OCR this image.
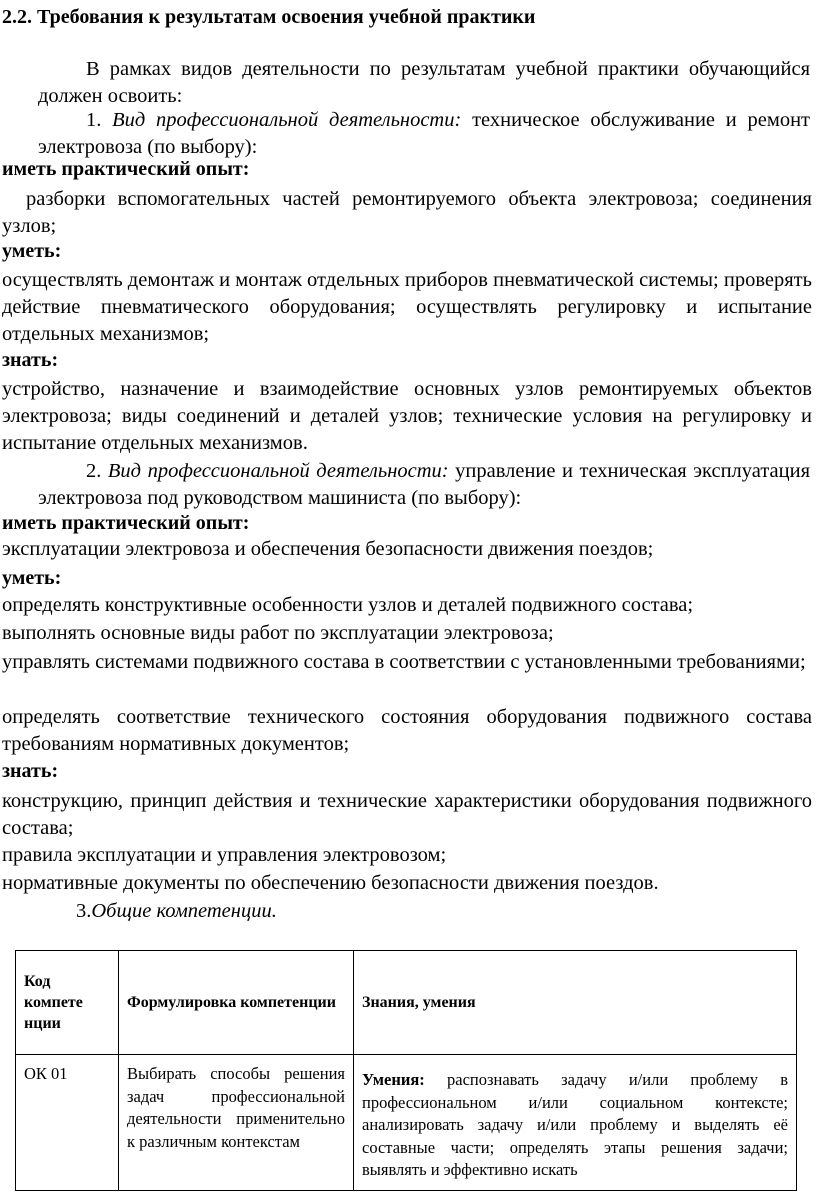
2.2. Требования к результатам освоения учебной практики
В рамках видов деятельности по результатам учебной практики обучающийся должен освоить:
1. Вид профессиональной деятельности: техническое обслуживание и ремонт электровоза (по выбору):
иметь практический опыт:
разборки вспомогательных частей ремонтируемого объекта электровоза; соединения узлов;
уметь:
осуществлять демонтаж и монтаж отдельных приборов пневматической системы; проверять действие пневматического оборудования; осуществлять регулировку и испытание отдельных механизмов;
знать:
устройство, назначение и взаимодействие основных узлов ремонтируемых объектов электровоза; виды соединений и деталей узлов; технические условия на регулировку и испытание отдельных механизмов.
2. Вид профессиональной деятельности: управление и техническая эксплуатация электровоза под руководством машиниста (по выбору):
иметь практический опыт:
эксплуатации электровоза и обеспечения безопасности движения поездов;
уметь:
определять конструктивные особенности узлов и деталей подвижного состава;
выполнять основные виды работ по эксплуатации электровоза;
управлять системами подвижного состава в соответствии с установленными требованиями;
определять соответствие технического состояния оборудования подвижного состава требованиям нормативных документов;
знать:
конструкцию, принцип действия и технические характеристики оборудования подвижного состава;
правила эксплуатации и управления электровозом;
нормативные документы по обеспечению безопасности движения поездов.
3.Общие компетенции.
Код компете нции	Формулировка компетенции	Знания, умения

ОК 01	Выбирать способы решения задач профессиональной деятельности применительно к различным контекстам	Умения: распознавать задачу и/или проблему в профессиональном и/или социальном контексте; анализировать задачу и/или проблему и выделять её составные части; определять этапы решения задачи; выявлять и эффективно искать
